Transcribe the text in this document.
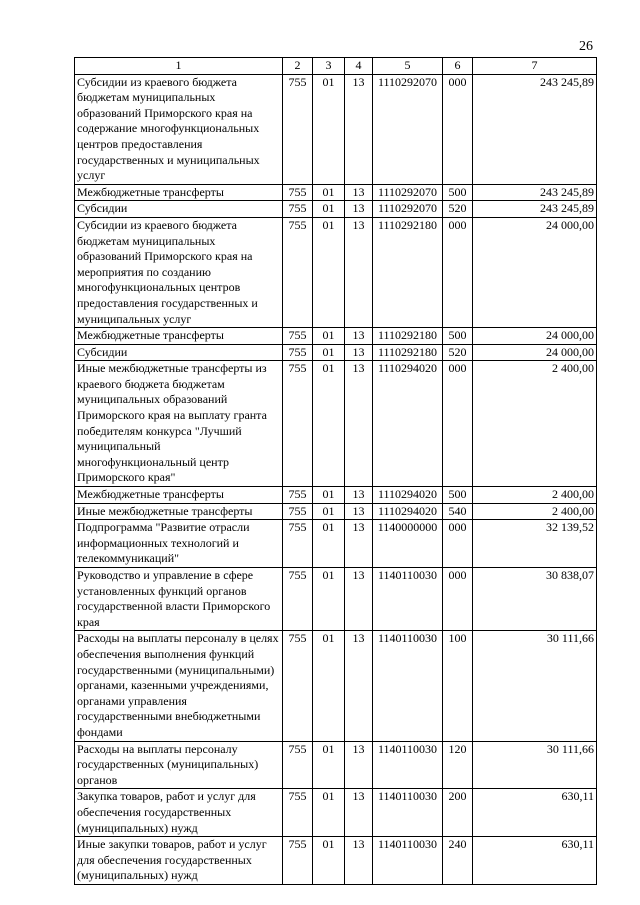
26
1	2	3	4	5	6	7
Субсидии из краевого бюджета бюджетам муниципальных образований Приморского края на содержание многофункциональных центров предоставления государственных и муниципальных услуг	755	01	13	1110292070	000	243 245,89
Межбюджетные трансферты	755	01	13	1110292070	500	243 245,89
Субсидии	755	01	13	1110292070	520	243 245,89
Субсидии из краевого бюджета бюджетам муниципальных образований Приморского края на мероприятия по созданию многофункциональных центров предоставления государственных и муниципальных услуг	755	01	13	1110292180	000	24 000,00
Межбюджетные трансферты	755	01	13	1110292180	500	24 000,00
Субсидии	755	01	13	1110292180	520	24 000,00
Иные межбюджетные трансферты из краевого бюджета бюджетам муниципальных образований Приморского края на выплату гранта победителям конкурса "Лучший муниципальный многофункциональный центр Приморского края"	755	01	13	1110294020	000	2 400,00
Межбюджетные трансферты	755	01	13	1110294020	500	2 400,00
Иные межбюджетные трансферты	755	01	13	1110294020	540	2 400,00
Подпрограмма "Развитие отрасли информационных технологий и телекоммуникаций"	755	01	13	1140000000	000	32 139,52
Руководство и управление в сфере установленных функций органов государственной власти Приморского края	755	01	13	1140110030	000	30 838,07
Расходы на выплаты персоналу в целях обеспечения выполнения функций государственными (муниципальными) органами, казенными учреждениями, органами управления государственными внебюджетными фондами	755	01	13	1140110030	100	30 111,66
Расходы на выплаты персоналу государственных (муниципальных) органов	755	01	13	1140110030	120	30 111,66
Закупка товаров, работ и услуг для обеспечения государственных (муниципальных) нужд	755	01	13	1140110030	200	630,11
Иные закупки товаров, работ и услуг для обеспечения государственных (муниципальных) нужд	755	01	13	1140110030	240	630,11
